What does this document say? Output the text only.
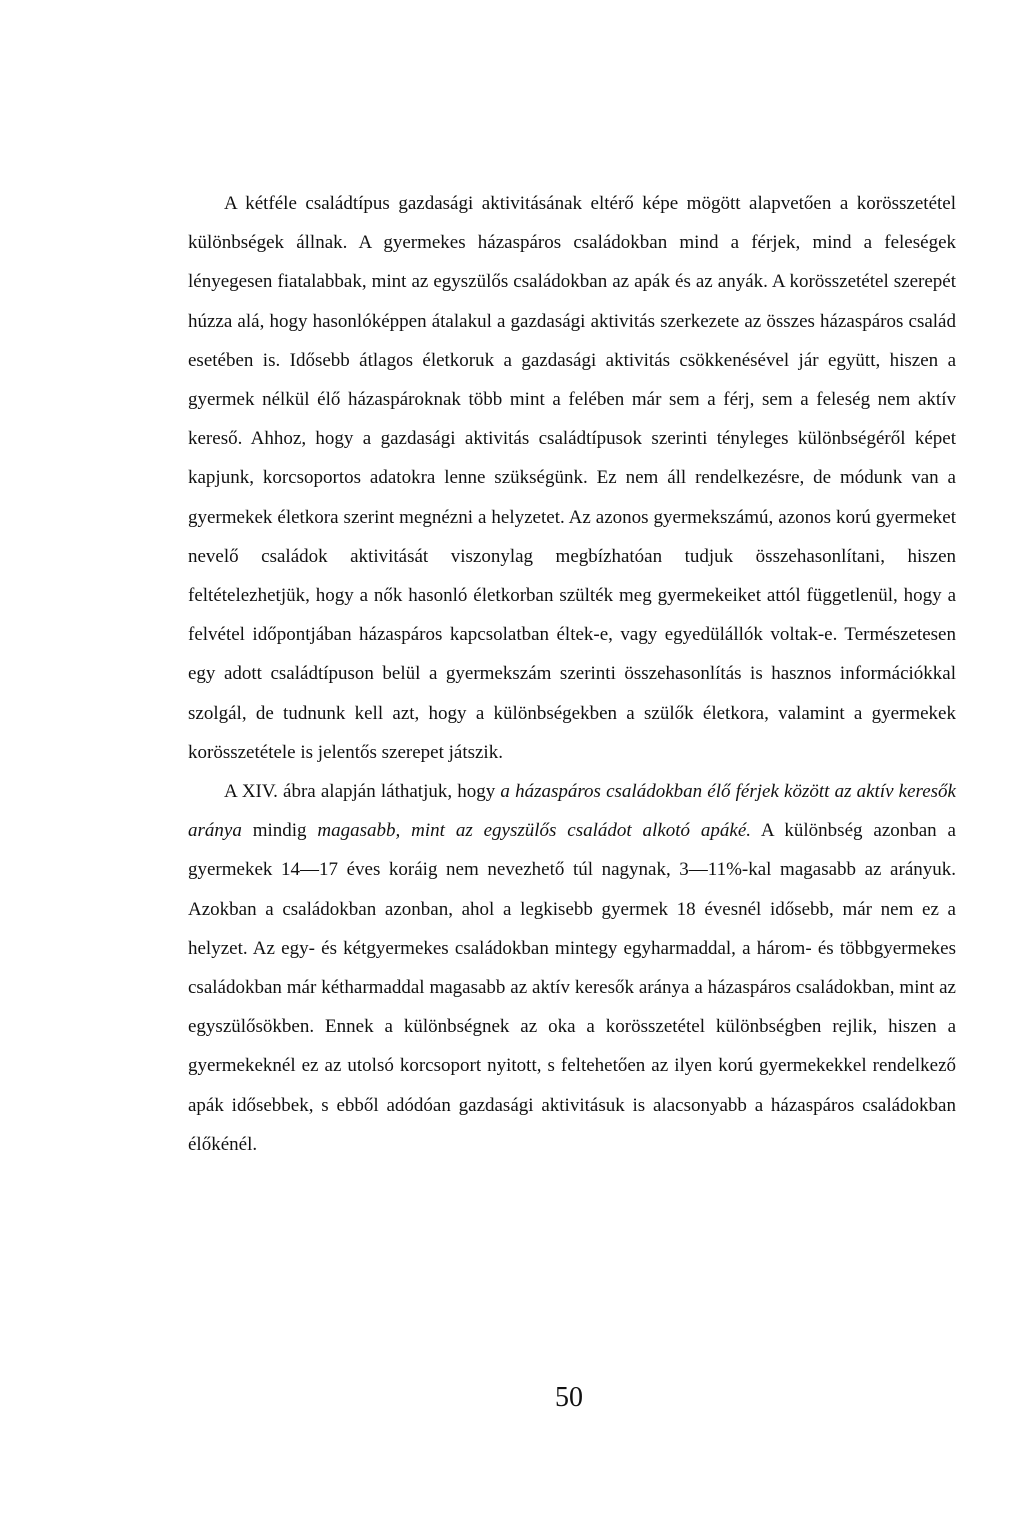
A kétféle családtípus gazdasági aktivitásának eltérő képe mögött alapvetően a korösszetétel különbségek állnak. A gyermekes házaspáros családokban mind a férjek, mind a feleségek lényegesen fiatalabbak, mint az egyszülős családokban az apák és az anyák. A korösszetétel szerepét húzza alá, hogy hasonlóképpen átalakul a gazdasági aktivitás szerkezete az összes házaspáros család esetében is. Idősebb átlagos életkoruk a gazdasági aktivitás csökkenésével jár együtt, hiszen a gyermek nélkül élő házaspároknak több mint a felében már sem a férj, sem a feleség nem aktív kereső. Ahhoz, hogy a gazdasági aktivitás családtípusok szerinti tényleges különbségéről képet kapjunk, korcsoportos adatokra lenne szükségünk. Ez nem áll rendelkezésre, de módunk van a gyermekek életkora szerint megnézni a helyzetet. Az azonos gyermekszámú, azonos korú gyermeket nevelő családok aktivitását viszonylag megbízhatóan tudjuk összehasonlítani, hiszen feltételezhetjük, hogy a nők hasonló életkorban szülték meg gyermekeiket attól függetlenül, hogy a felvétel időpontjában házaspáros kapcsolatban éltek-e, vagy egyedülállók voltak-e. Természetesen egy adott családtípuson belül a gyermekszám szerinti összehasonlítás is hasznos információkkal szolgál, de tudnunk kell azt, hogy a különbségekben a szülők életkora, valamint a gyermekek korösszetétele is jelentős szerepet játszik.

A XIV. ábra alapján láthatjuk, hogy a házaspáros családokban élő férjek között az aktív keresők aránya mindig magasabb, mint az egyszülős családot alkotó apáké. A különbség azonban a gyermekek 14—17 éves koráig nem nevezhető túl nagynak, 3—11%-kal magasabb az arányuk. Azokban a családokban azonban, ahol a legkisebb gyermek 18 évesnél idősebb, már nem ez a helyzet. Az egy- és kétgyermekes családokban mintegy egyharmaddal, a három- és többgyermekes családokban már kétharmaddal magasabb az aktív keresők aránya a házaspáros családokban, mint az egyszülősökben. Ennek a különbségnek az oka a korösszetétel különbségben rejlik, hiszen a gyermekeknél ez az utolsó korcsoport nyitott, s feltehetően az ilyen korú gyermekekkel rendelkező apák idősebbek, s ebből adódóan gazdasági aktivitásuk is alacsonyabb a házaspáros családokban élőkénél.

50
